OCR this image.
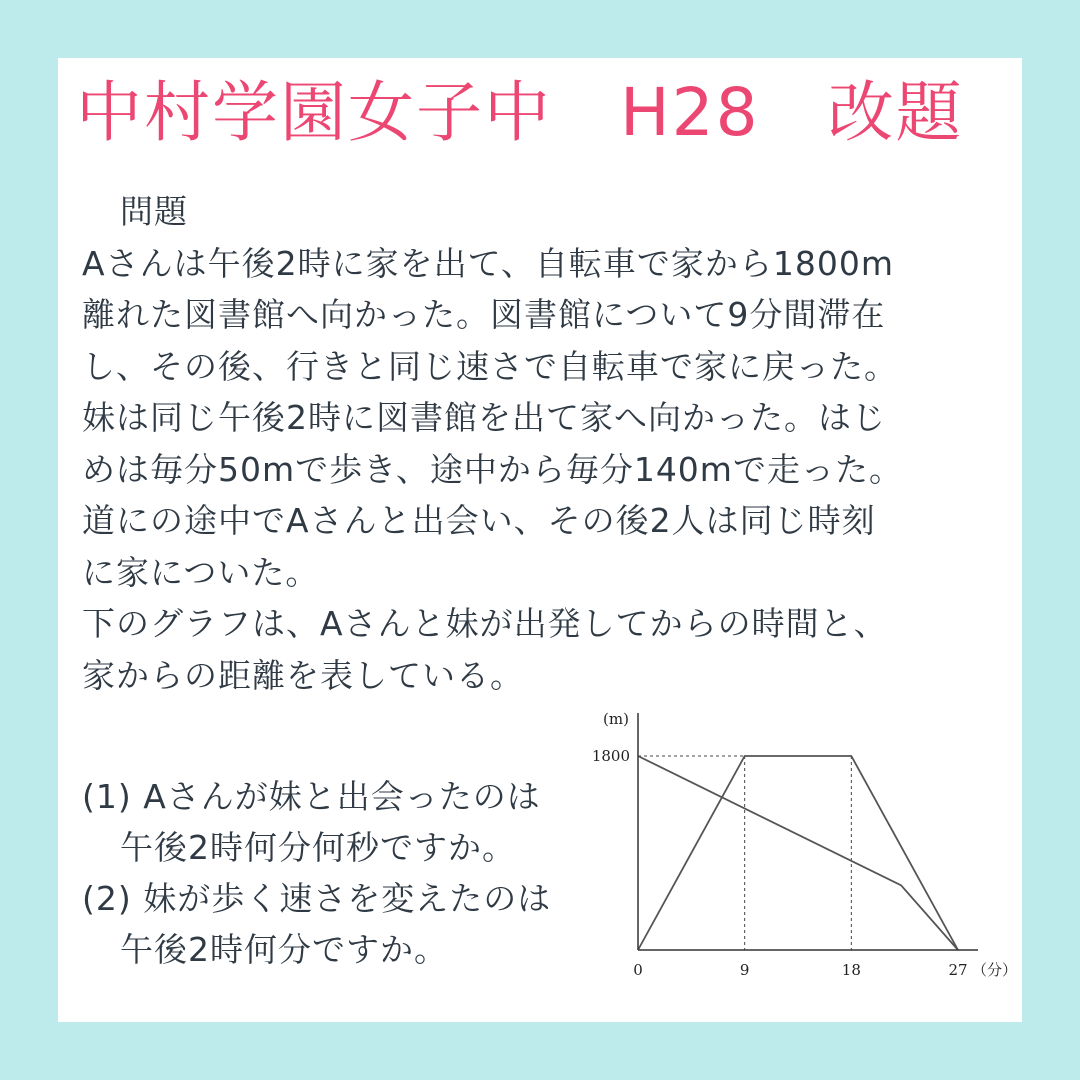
中村学園女子中　H28　改題
問題
Aさんは午後2時に家を出て、自転車で家から1800m
離れた図書館へ向かった。図書館について9分間滞在
し、その後、行きと同じ速さで自転車で家に戻った。
妹は同じ午後2時に図書館を出て家へ向かった。はじ
めは毎分50mで歩き、途中から毎分140mで走った。
道にの途中でAさんと出会い、その後2人は同じ時刻
に家についた。
下のグラフは、Aさんと妹が出発してからの時間と、
家からの距離を表している。
(1) Aさんが妹と出会ったのは
午後2時何分何秒ですか。
(2) 妹が歩く速さを変えたのは
午後2時何分ですか。
(m)
（分）
0	9	18	27
1800
